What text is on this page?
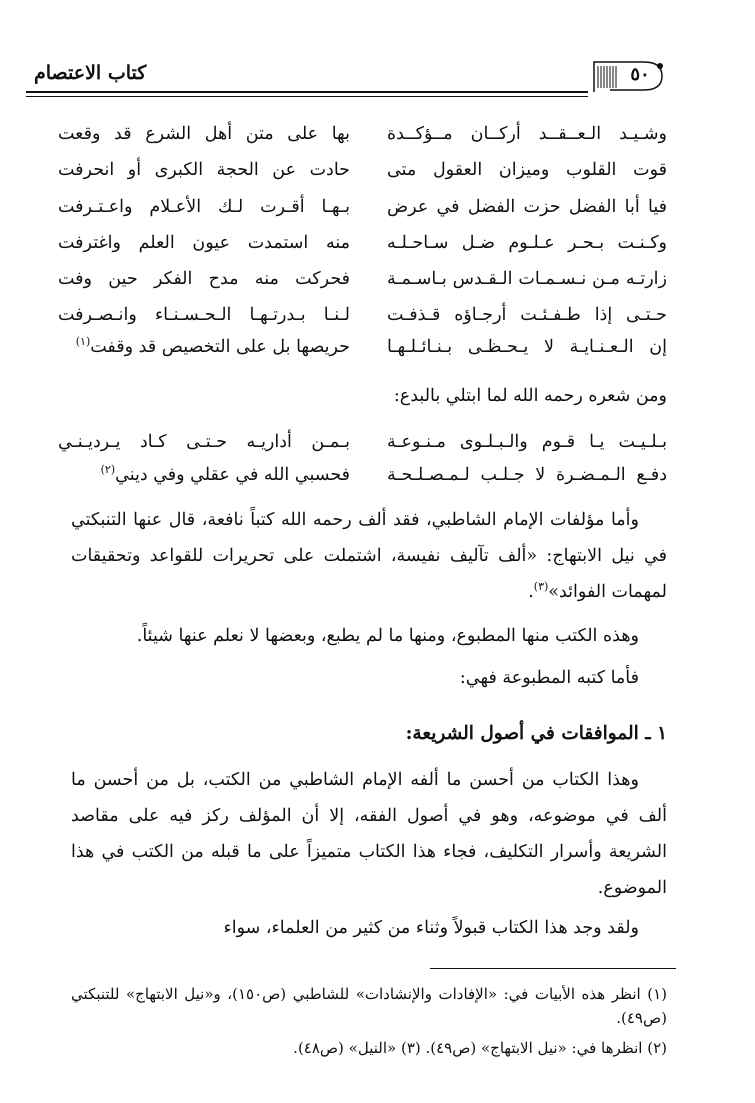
كتاب الاعتصام	٥٠
وشـيـد الـعــقــد أركــان مــؤكــدة
بها على متن أهل الشرع قد وقعت
قوت القلوب وميزان العقول متى
حادت عن الحجة الكبرى أو انحرفت
فيا أبا الفضل حزت الفضل في عرض
بـهـا أقـرت لـك الأعـلام واعـتـرفت
وكـنـت بـحـر عـلـوم ضـل سـاحـلـه
منه استمدت عيون العلم واغترفت
زارتـه مـن نـسـمـات الـقـدس بـاسـمـة
فحركت منه مدح الفكر حين وفت
حـتـى إذا طـفـئـت أرجـاؤه قـذفـت
لـنـا بـدرتـهـا الـحـسـنـاء وانـصـرفت
إن الـعـنـايـة لا يـحـظـى بـنـائـلـهـا
حريصها بل على التخصيص قد وقفت$^{(١)}$
ومن شعره رحمه الله لما ابتلي بالبدع:
بـلـيـت يـا قـوم والـبـلـوى مـنـوعـة
بـمـن أداريـه حـتـى كـاد يـرديـنـي
دفـع الـمـضـرة لا جـلـب لـمـصـلـحـة
فحسبي الله في عقلي وفي ديني$^{(٢)}$
وأما مؤلفات الإمام الشاطبي، فقد ألف رحمه الله كتباً نافعة، قال عنها التنبكتي في نيل الابتهاج: «ألف تآليف نفيسة، اشتملت على تحريرات للقواعد وتحقيقات لمهمات الفوائد»$^{(٣)}$.
وهذه الكتب منها المطبوع، ومنها ما لم يطبع، وبعضها لا نعلم عنها شيئاً.
فأما كتبه المطبوعة فهي:
١ ـ الموافقات في أصول الشريعة:
وهذا الكتاب من أحسن ما ألفه الإمام الشاطبي من الكتب، بل من أحسن ما ألف في موضوعه، وهو في أصول الفقه، إلا أن المؤلف ركز فيه على مقاصد الشريعة وأسرار التكليف، فجاء هذا الكتاب متميزاً على ما قبله من الكتب في هذا الموضوع.
ولقد وجد هذا الكتاب قبولاً وثناء من كثير من العلماء، سواء
(١) انظر هذه الأبيات في: «الإفادات والإنشادات» للشاطبي (ص١٥٠)، و«نيل الابتهاج» للتنبكتي (ص٤٩).
(٢) انظرها في: «نيل الابتهاج» (ص٤٩). (٣) «النيل» (ص٤٨).
